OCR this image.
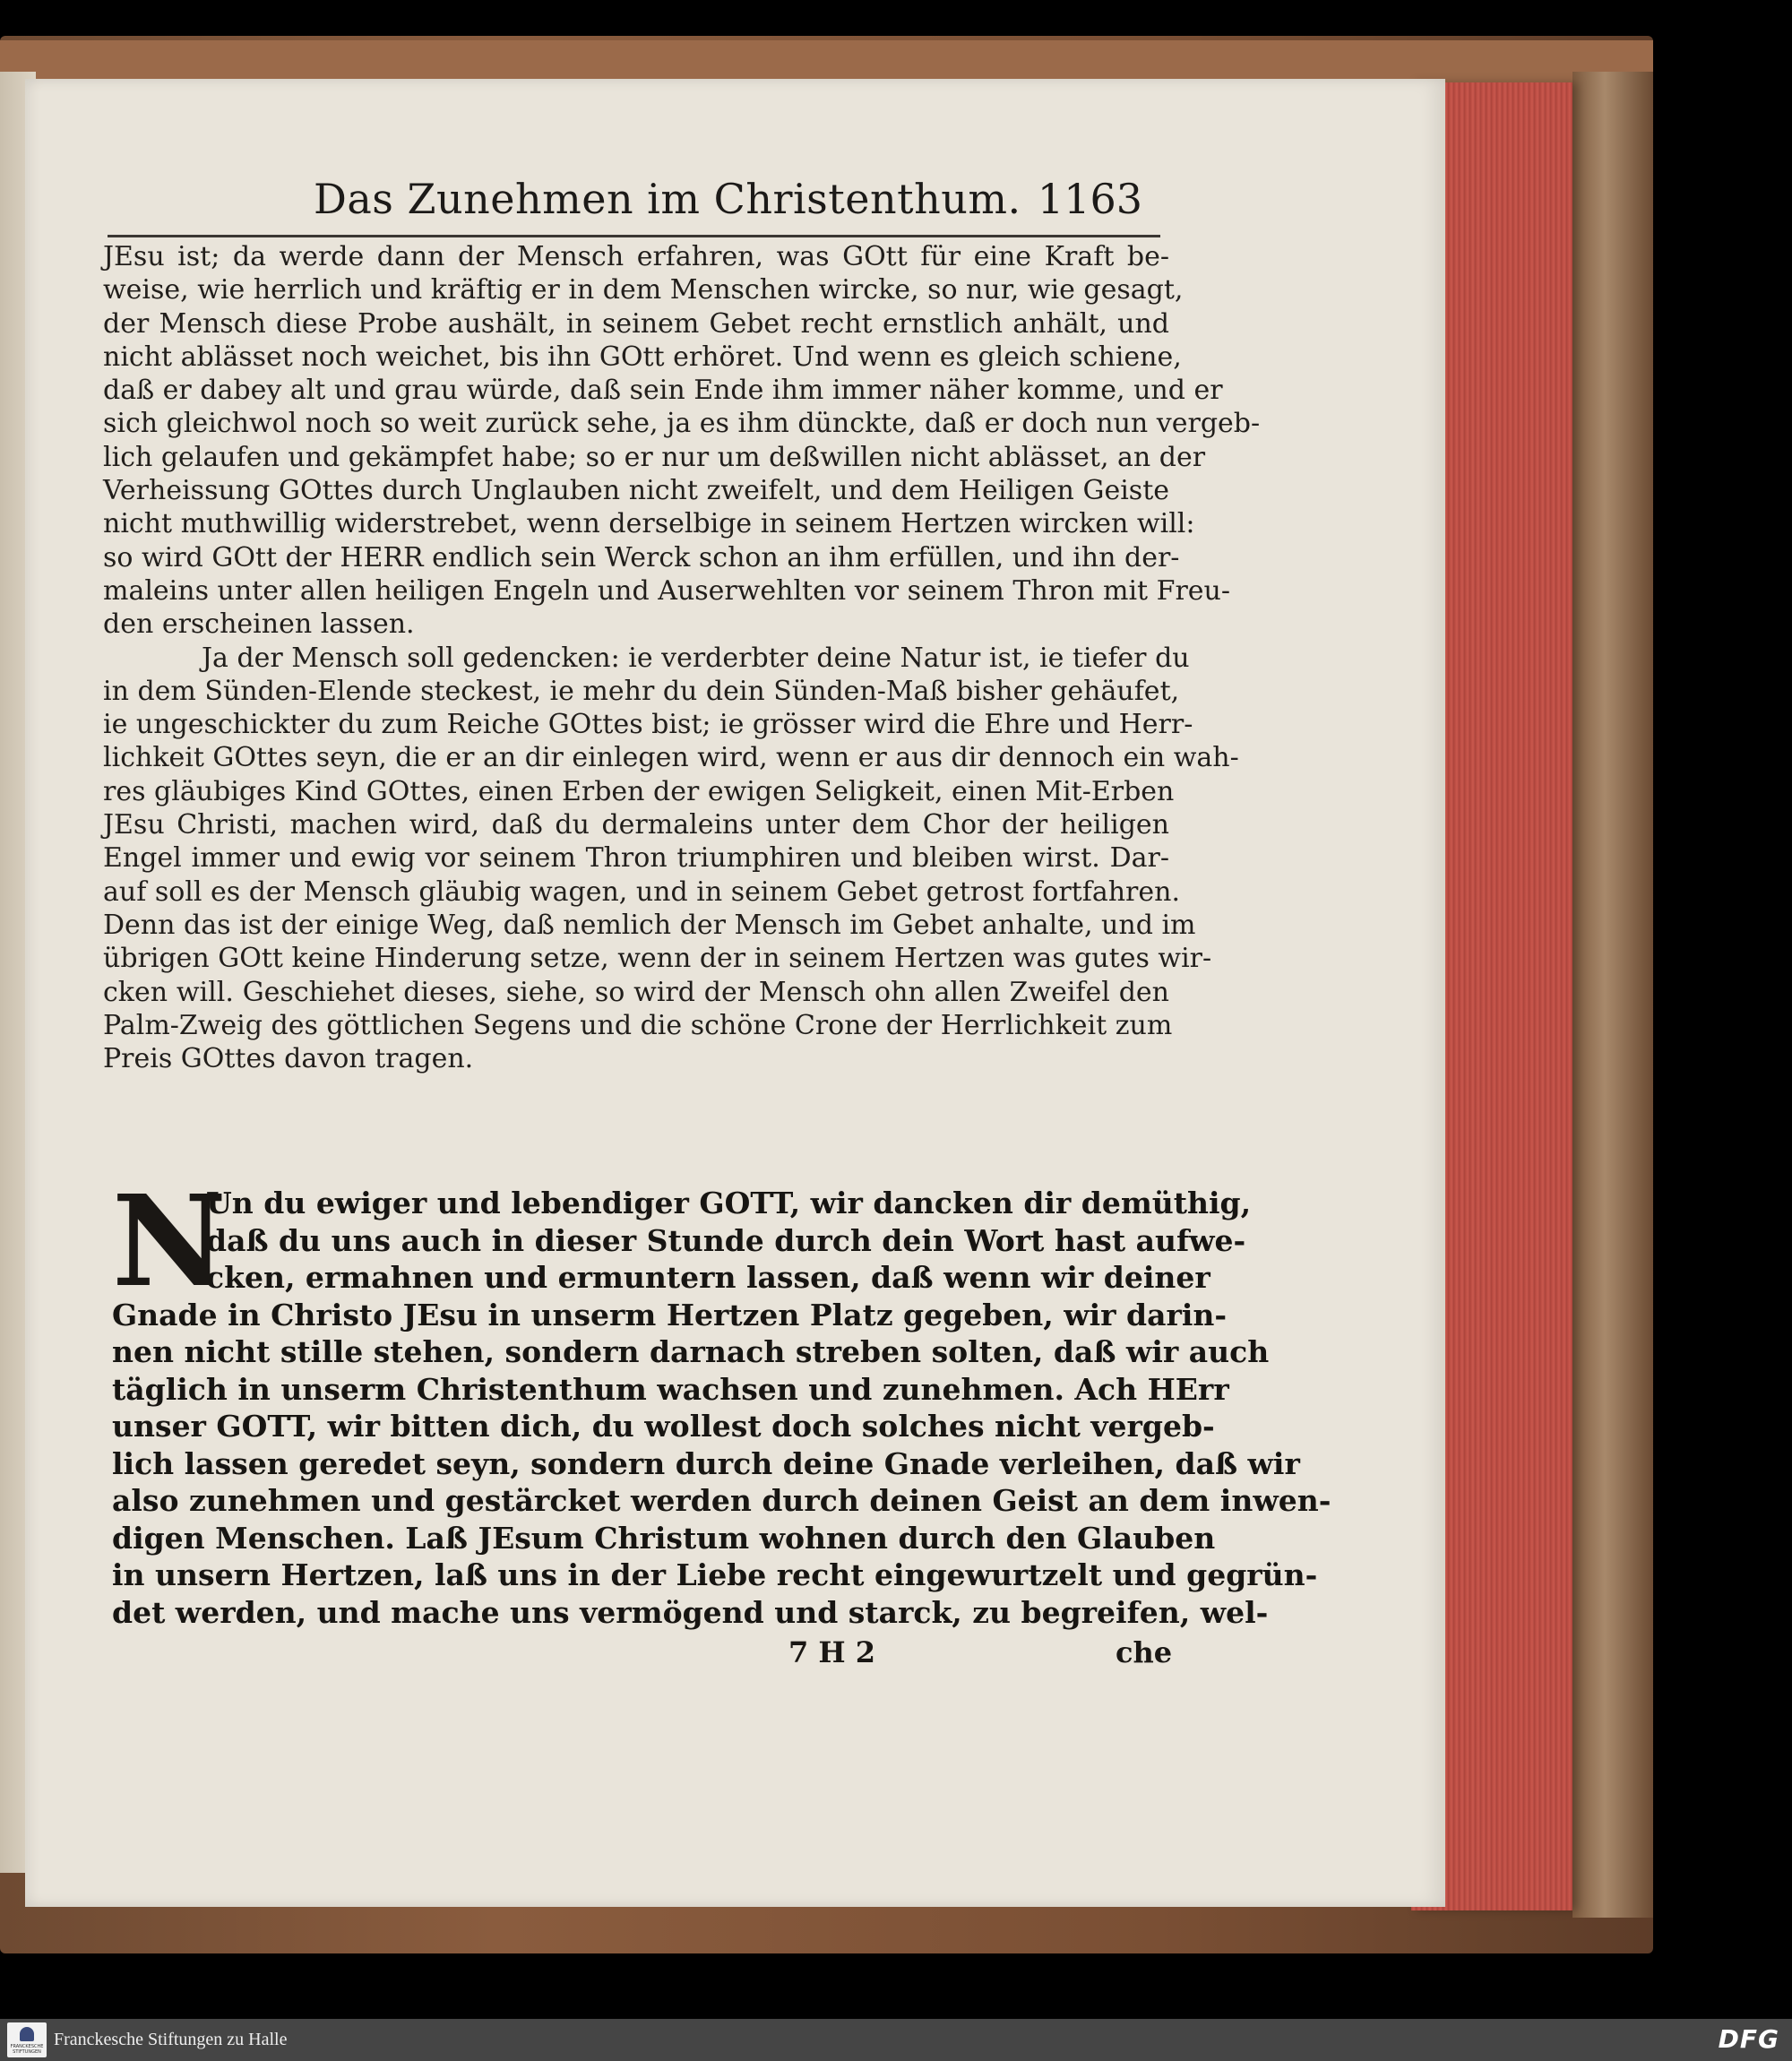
Das Zunehmen im Christenthum. 1163
JEsu ist; da werde dann der Mensch erfahren, was GOtt für eine Kraft be-
weise, wie herrlich und kräftig er in dem Menschen wircke, so nur, wie gesagt,
der Mensch diese Probe aushält, in seinem Gebet recht ernstlich anhält, und
nicht ablässet noch weichet, bis ihn GOtt erhöret. Und wenn es gleich schiene,
daß er dabey alt und grau würde, daß sein Ende ihm immer näher komme, und er
sich gleichwol noch so weit zurück sehe, ja es ihm dünckte, daß er doch nun vergeb-
lich gelaufen und gekämpfet habe; so er nur um deßwillen nicht ablässet, an der
Verheissung GOttes durch Unglauben nicht zweifelt, und dem Heiligen Geiste
nicht muthwillig widerstrebet, wenn derselbige in seinem Hertzen wircken will:
so wird GOtt der HERR endlich sein Werck schon an ihm erfüllen, und ihn der-
maleins unter allen heiligen Engeln und Auserwehlten vor seinem Thron mit Freu-
den erscheinen lassen.
Ja der Mensch soll gedencken: ie verderbter deine Natur ist, ie tiefer du
in dem Sünden-Elende steckest, ie mehr du dein Sünden-Maß bisher gehäufet,
ie ungeschickter du zum Reiche GOttes bist; ie grösser wird die Ehre und Herr-
lichkeit GOttes seyn, die er an dir einlegen wird, wenn er aus dir dennoch ein wah-
res gläubiges Kind GOttes, einen Erben der ewigen Seligkeit, einen Mit-Erben
JEsu Christi, machen wird, daß du dermaleins unter dem Chor der heiligen
Engel immer und ewig vor seinem Thron triumphiren und bleiben wirst. Dar-
auf soll es der Mensch gläubig wagen, und in seinem Gebet getrost fortfahren.
Denn das ist der einige Weg, daß nemlich der Mensch im Gebet anhalte, und im
übrigen GOtt keine Hinderung setze, wenn der in seinem Hertzen was gutes wir-
cken will. Geschiehet dieses, siehe, so wird der Mensch ohn allen Zweifel den
Palm-Zweig des göttlichen Segens und die schöne Crone der Herrlichkeit zum
Preis GOttes davon tragen.
N
Un du ewiger und lebendiger GOTT, wir dancken dir demüthig,
daß du uns auch in dieser Stunde durch dein Wort hast aufwe-
cken, ermahnen und ermuntern lassen, daß wenn wir deiner
Gnade in Christo JEsu in unserm Hertzen Platz gegeben, wir darin-
nen nicht stille stehen, sondern darnach streben solten, daß wir auch
täglich in unserm Christenthum wachsen und zunehmen. Ach HErr
unser GOTT, wir bitten dich, du wollest doch solches nicht vergeb-
lich lassen geredet seyn, sondern durch deine Gnade verleihen, daß wir
also zunehmen und gestärcket werden durch deinen Geist an dem inwen-
digen Menschen. Laß JEsum Christum wohnen durch den Glauben
in unsern Hertzen, laß uns in der Liebe recht eingewurtzelt und gegrün-
det werden, und mache uns vermögend und starck, zu begreifen, wel-
7 H 2	che
FRANCKESCHE STIFTUNGEN
Franckesche Stiftungen zu Halle	DFG
